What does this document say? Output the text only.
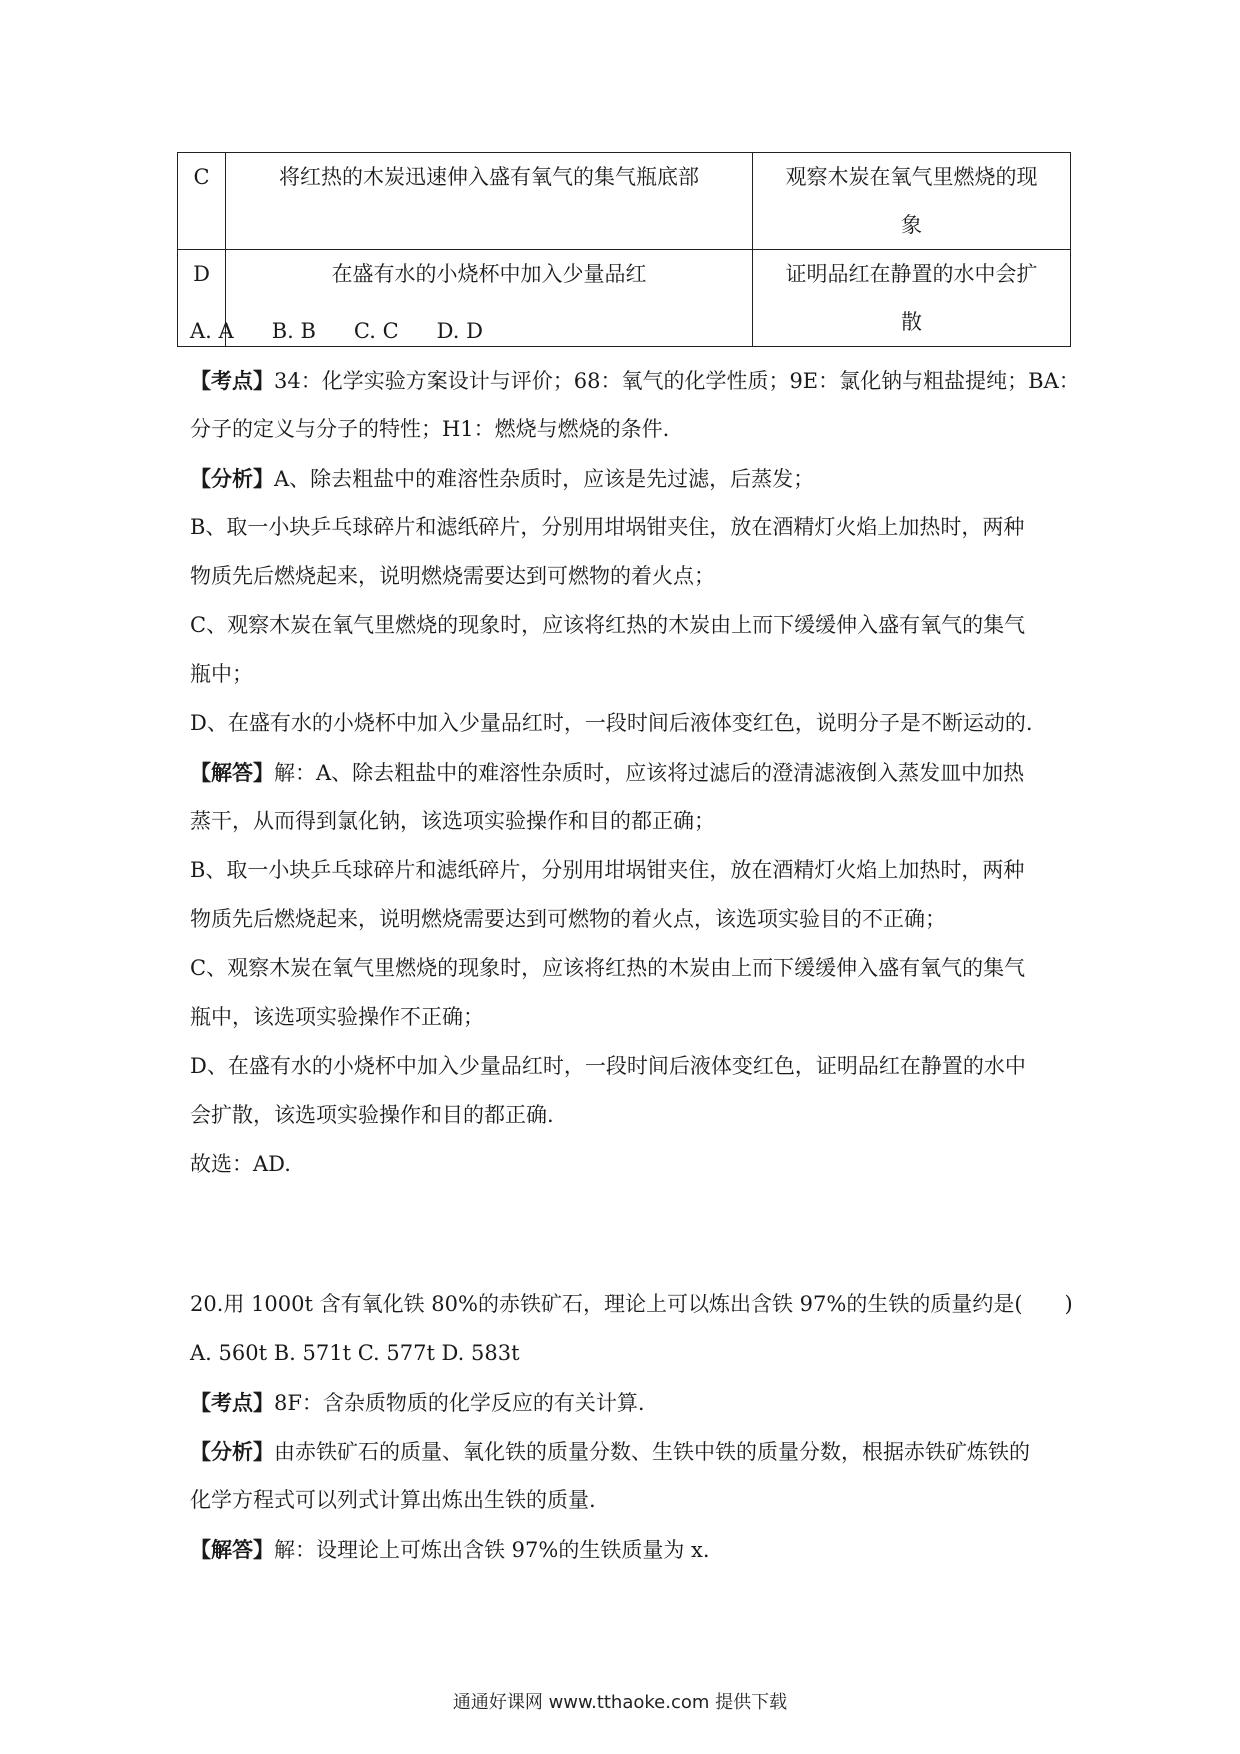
C	将红热的木炭迅速伸入盛有氧气的集气瓶底部	观察木炭在氧气里燃烧的现
象

D	在盛有水的小烧杯中加入少量品红	证明品红在静置的水中会扩
散
A. A B. B C. C D. D
【考点】34：化学实验方案设计与评价；68：氧气的化学性质；9E：氯化钠与粗盐提纯；BA：
分子的定义与分子的特性；H1：燃烧与燃烧的条件.
【分析】A、除去粗盐中的难溶性杂质时，应该是先过滤，后蒸发；
B、取一小块乒乓球碎片和滤纸碎片，分别用坩埚钳夹住，放在酒精灯火焰上加热时，两种
物质先后燃烧起来，说明燃烧需要达到可燃物的着火点；
C、观察木炭在氧气里燃烧的现象时，应该将红热的木炭由上而下缓缓伸入盛有氧气的集气
瓶中；
D、在盛有水的小烧杯中加入少量品红时，一段时间后液体变红色，说明分子是不断运动的.
【解答】解：A、除去粗盐中的难溶性杂质时，应该将过滤后的澄清滤液倒入蒸发皿中加热
蒸干，从而得到氯化钠，该选项实验操作和目的都正确；
B、取一小块乒乓球碎片和滤纸碎片，分别用坩埚钳夹住，放在酒精灯火焰上加热时，两种
物质先后燃烧起来，说明燃烧需要达到可燃物的着火点，该选项实验目的不正确；
C、观察木炭在氧气里燃烧的现象时，应该将红热的木炭由上而下缓缓伸入盛有氧气的集气
瓶中，该选项实验操作不正确；
D、在盛有水的小烧杯中加入少量品红时，一段时间后液体变红色，证明品红在静置的水中
会扩散，该选项实验操作和目的都正确.
故选：AD.
20.用 1000t 含有氧化铁 80%的赤铁矿石，理论上可以炼出含铁 97%的生铁的质量约是(　　)
A. 560t B. 571t C. 577t D. 583t
【考点】8F：含杂质物质的化学反应的有关计算.
【分析】由赤铁矿石的质量、氧化铁的质量分数、生铁中铁的质量分数，根据赤铁矿炼铁的
化学方程式可以列式计算出炼出生铁的质量.
【解答】解：设理论上可炼出含铁 97%的生铁质量为 x.
通通好课网 www.tthaoke.com 提供下载
